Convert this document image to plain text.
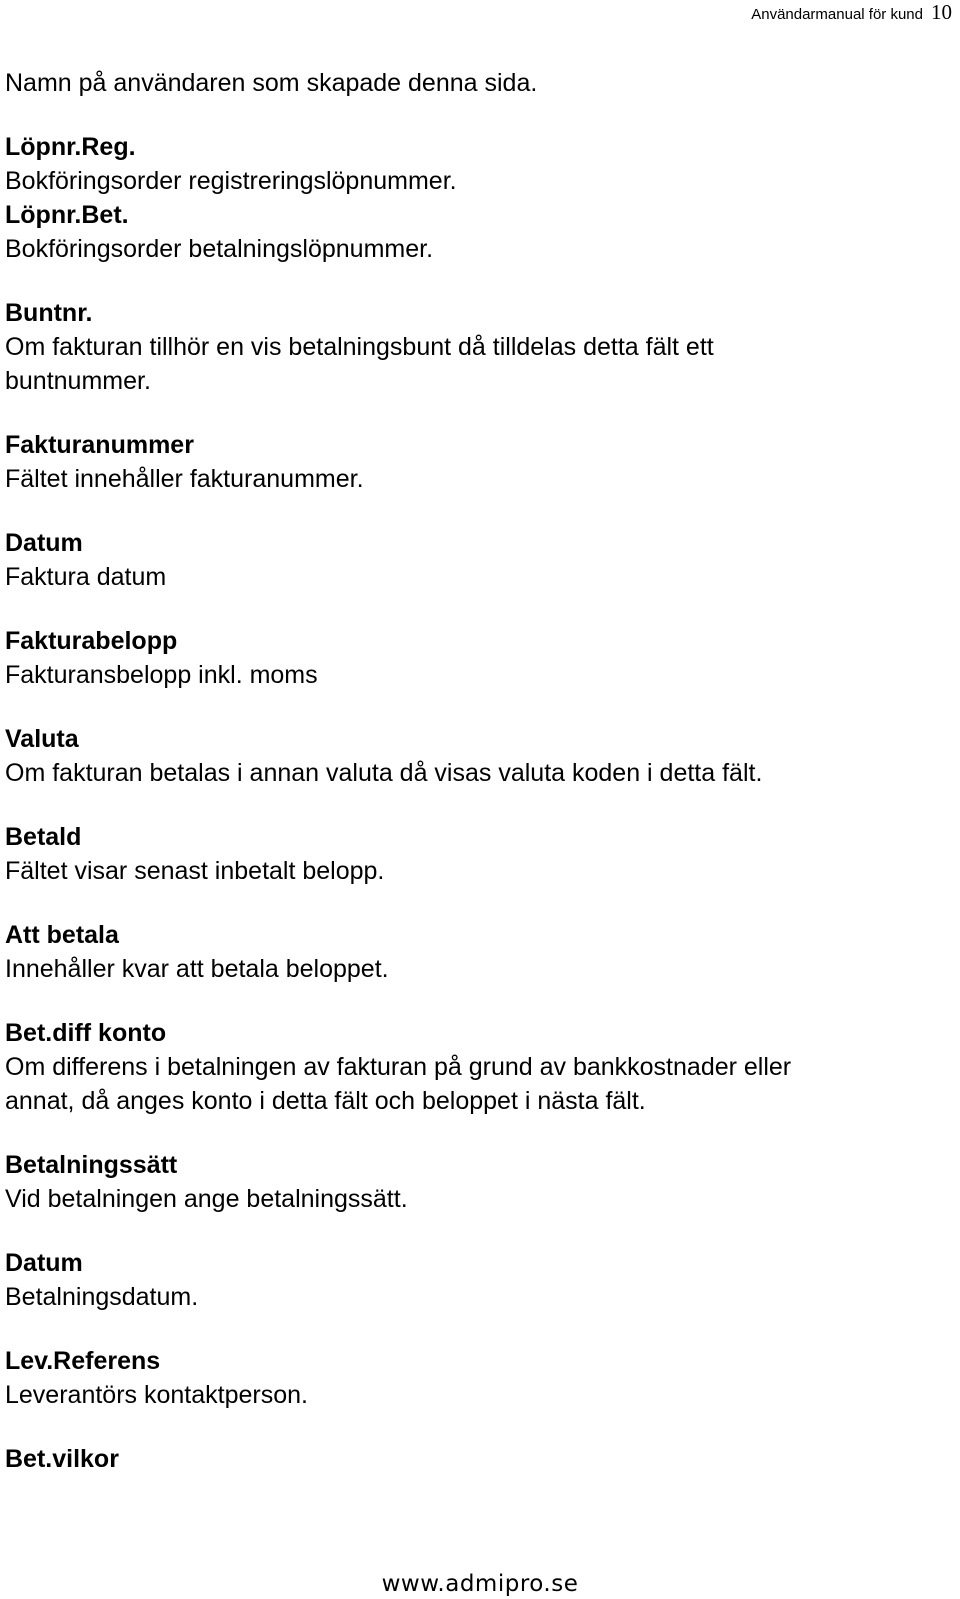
Användarmanual för kund 10

Namn på användaren som skapade denna sida.

Löpnr.Reg.

Bokföringsorder registreringslöpnummer.

Löpnr.Bet.

Bokföringsorder betalningslöpnummer.

Buntnr.

Om fakturan tillhör en vis betalningsbunt då tilldelas detta fält ett

buntnummer.

Fakturanummer

Fältet innehåller fakturanummer.

Datum

Faktura datum

Fakturabelopp

Fakturansbelopp inkl. moms

Valuta

Om fakturan betalas i annan valuta då visas valuta koden i detta fält.

Betald

Fältet visar senast inbetalt belopp.

Att betala

Innehåller kvar att betala beloppet.

Bet.diff konto

Om differens i betalningen av fakturan på grund av bankkostnader eller

annat, då anges konto i detta fält och beloppet i nästa fält.

Betalningssätt

Vid betalningen ange betalningssätt.

Datum

Betalningsdatum.

Lev.Referens

Leverantörs kontaktperson.

Bet.vilkor

www.admipro.se
